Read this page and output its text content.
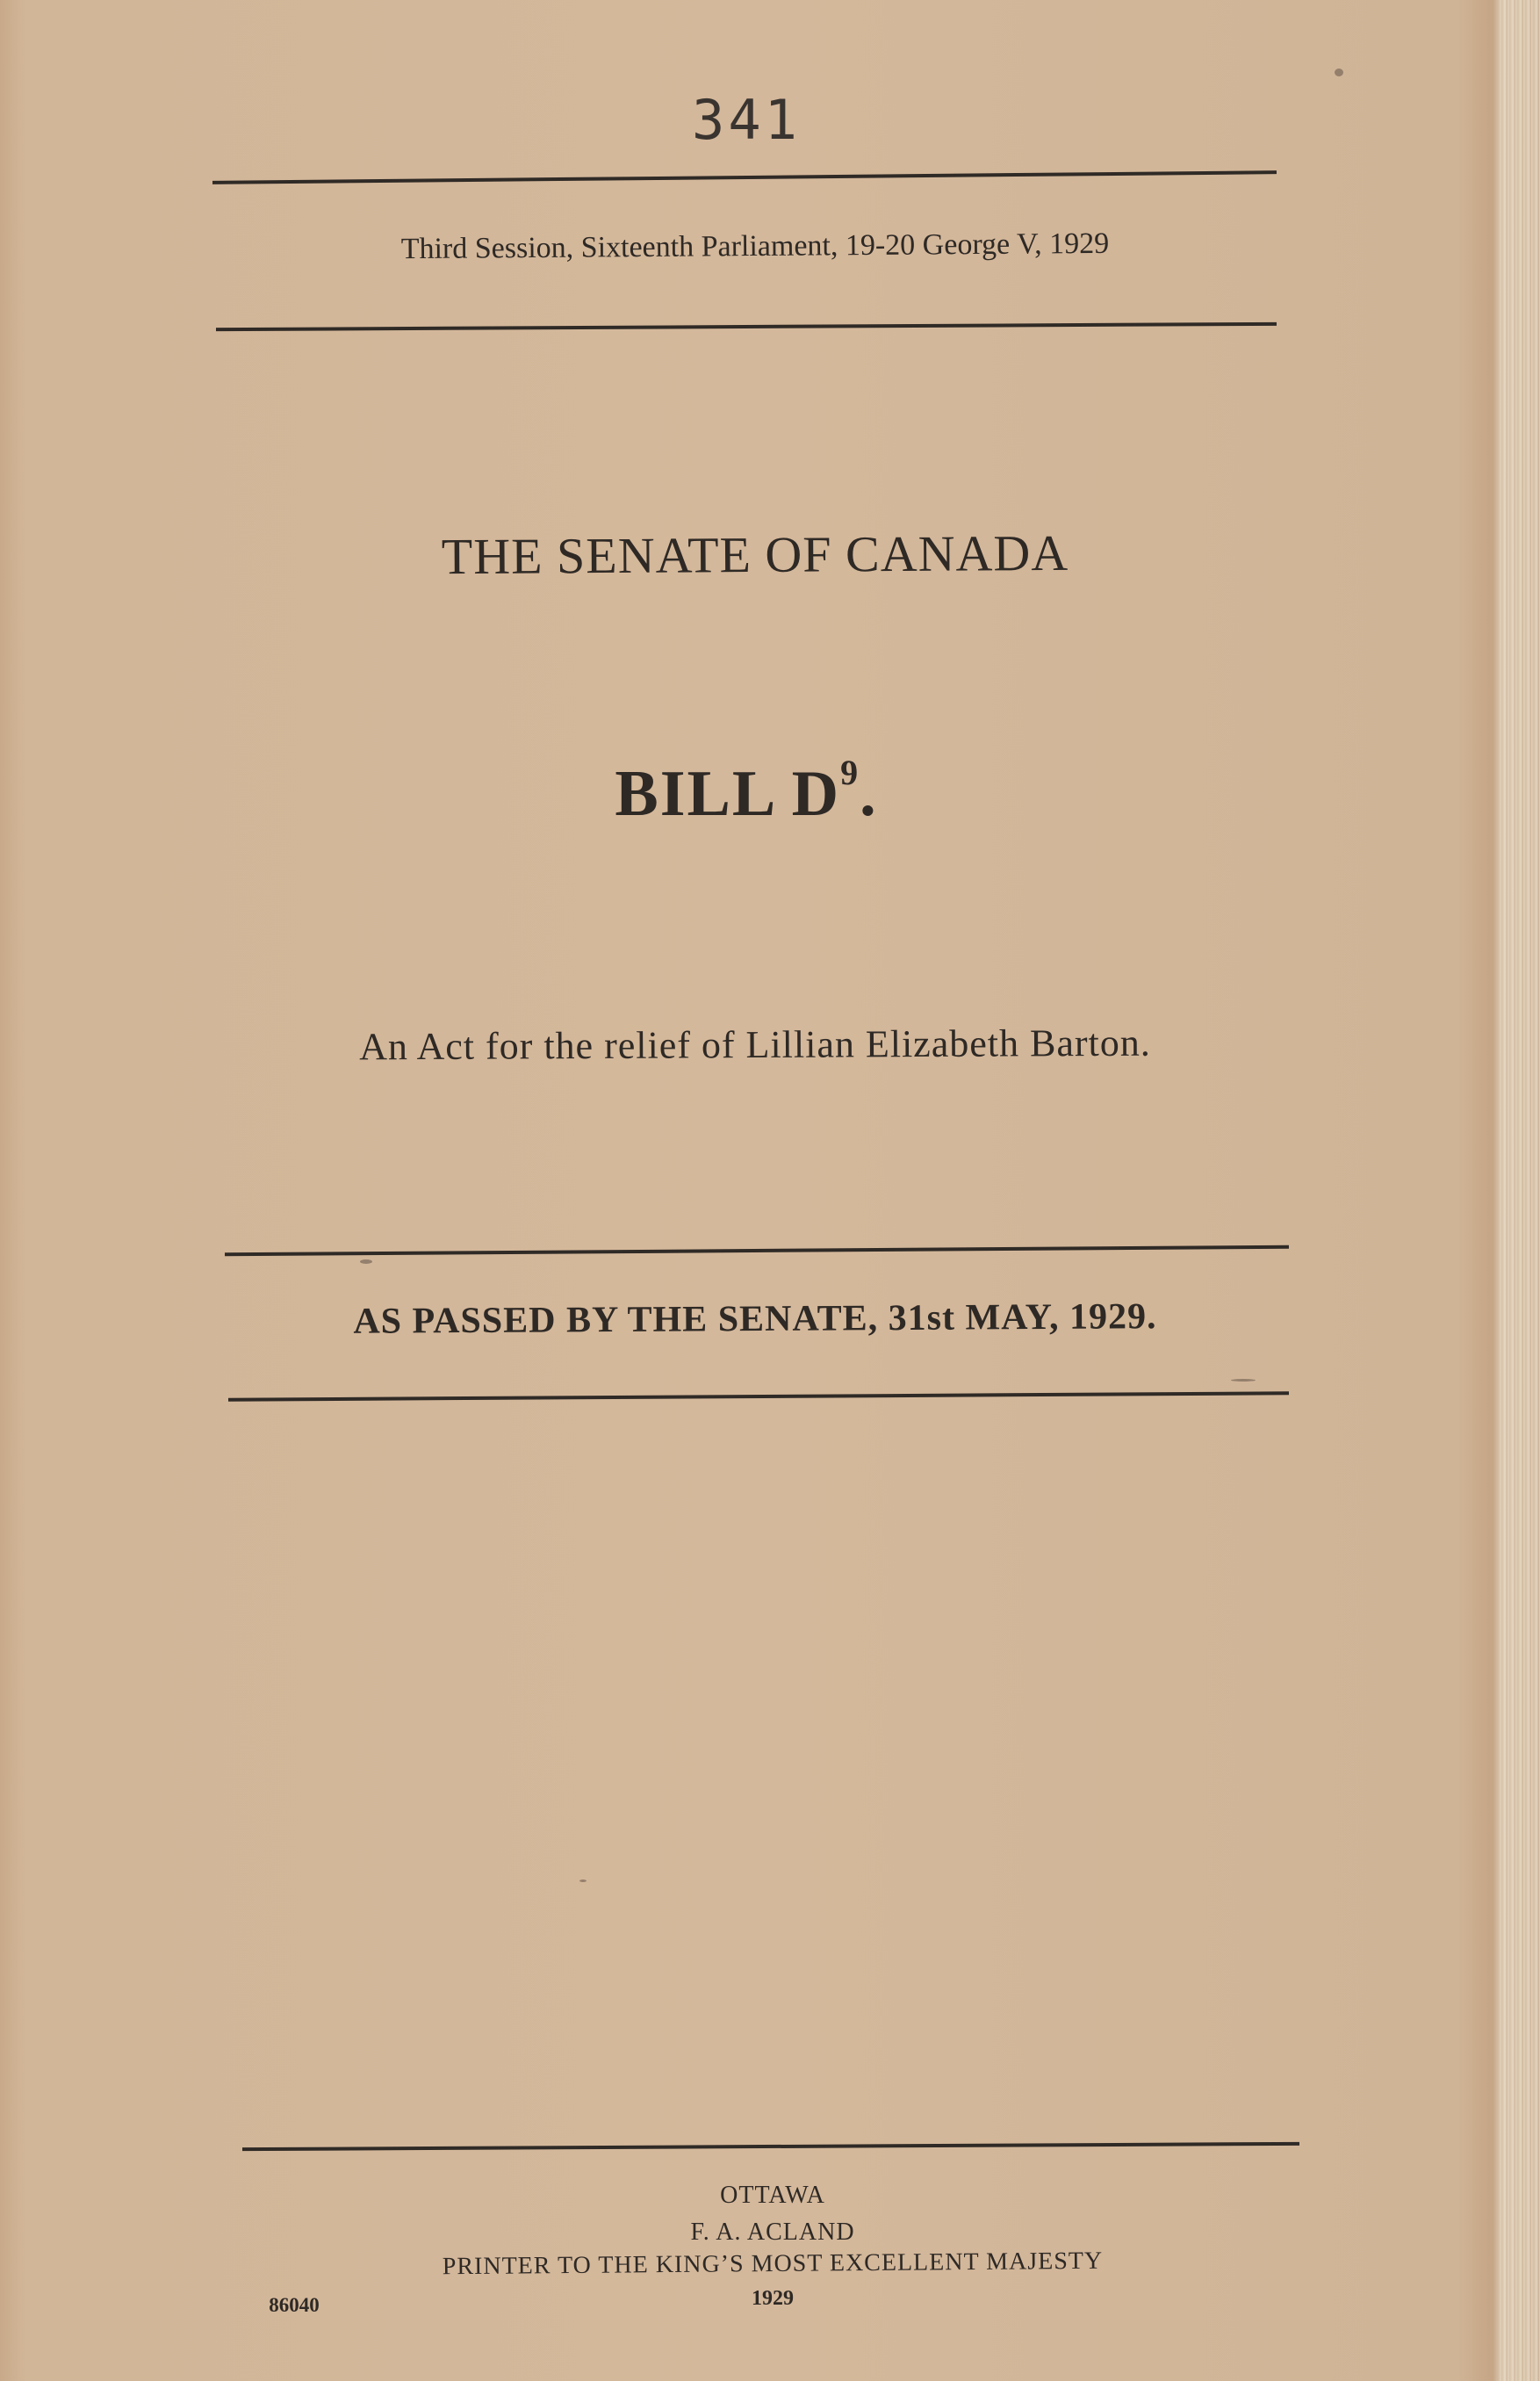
341
Third Session, Sixteenth Parliament, 19-20 George V, 1929
THE SENATE OF CANADA
BILL $D^9$.
An Act for the relief of Lillian Elizabeth Barton.
AS PASSED BY THE SENATE, 31st MAY, 1929.
OTTAWA
F. A. ACLAND
PRINTER TO THE KING’S MOST EXCELLENT MAJESTY
1929
86040
